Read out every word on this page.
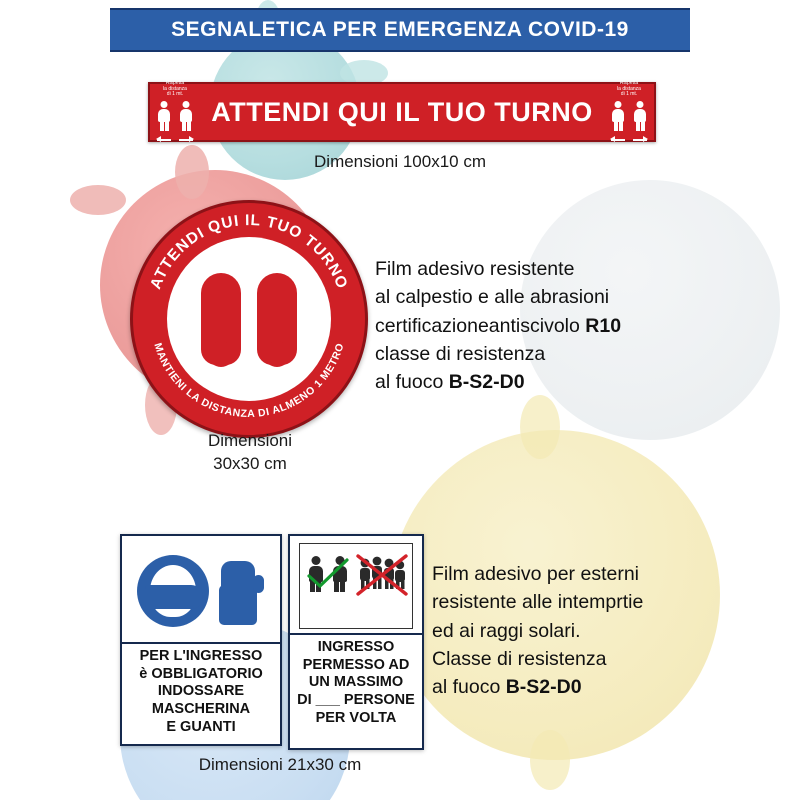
SEGNALETICA PER EMERGENZA COVID-19
Rispetta
la distanza
di 1 mt.
ATTENDI QUI IL TUO TURNO
Rispetta
la distanza
di 1 mt.
Dimensioni 100x10 cm
ATTENDI QUI IL TUO TURNO
MANTIENI LA DISTANZA DI ALMENO 1 METRO
Dimensioni
30x30 cm
Film adesivo resistente
al calpestio e alle abrasioni
certificazioneantiscivolo R10
classe di resistenza
al fuoco B-S2-D0
Film adesivo per esterni
resistente alle intemprtie
ed ai raggi solari.
Classe di resistenza
al fuoco B-S2-D0
PER L'INGRESSO
è OBBLIGATORIO
INDOSSARE
MASCHERINA
E GUANTI
INGRESSO
PERMESSO AD
UN MASSIMO
DI ___ PERSONE
PER VOLTA
Dimensioni 21x30 cm
